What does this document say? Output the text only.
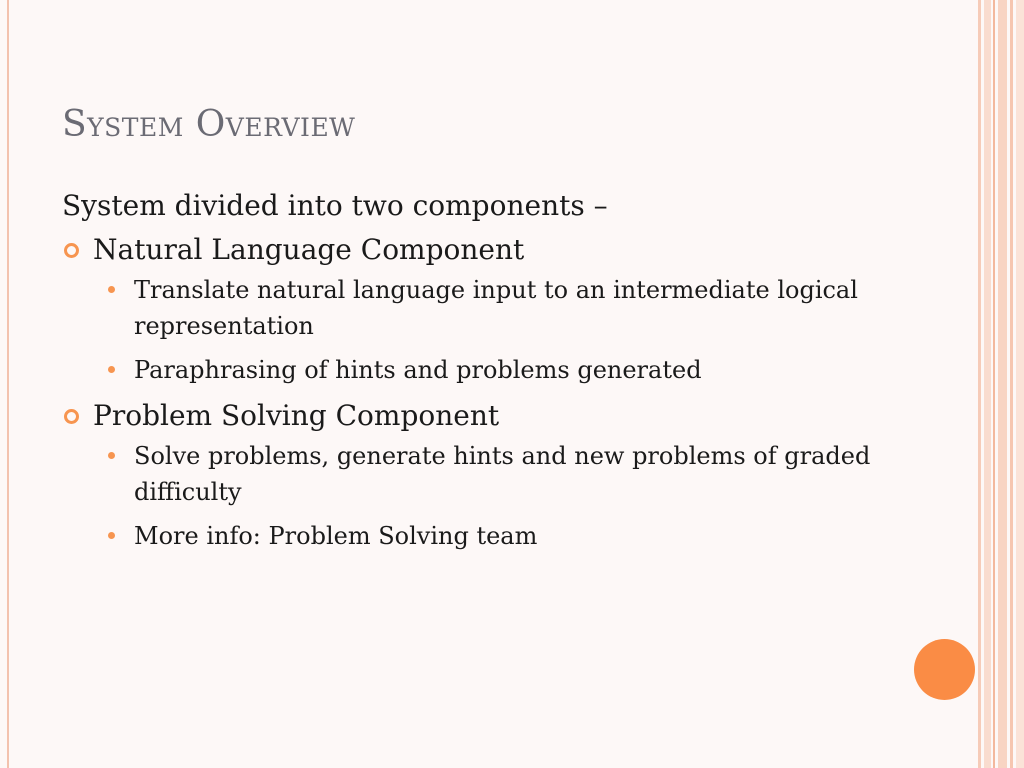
System Overview

System divided into two components –

Natural Language Component
Translate natural language input to an intermediate logical representation
Paraphrasing of hints and problems generated
Problem Solving Component
Solve problems, generate hints and new problems of graded difficulty
More info: Problem Solving team
